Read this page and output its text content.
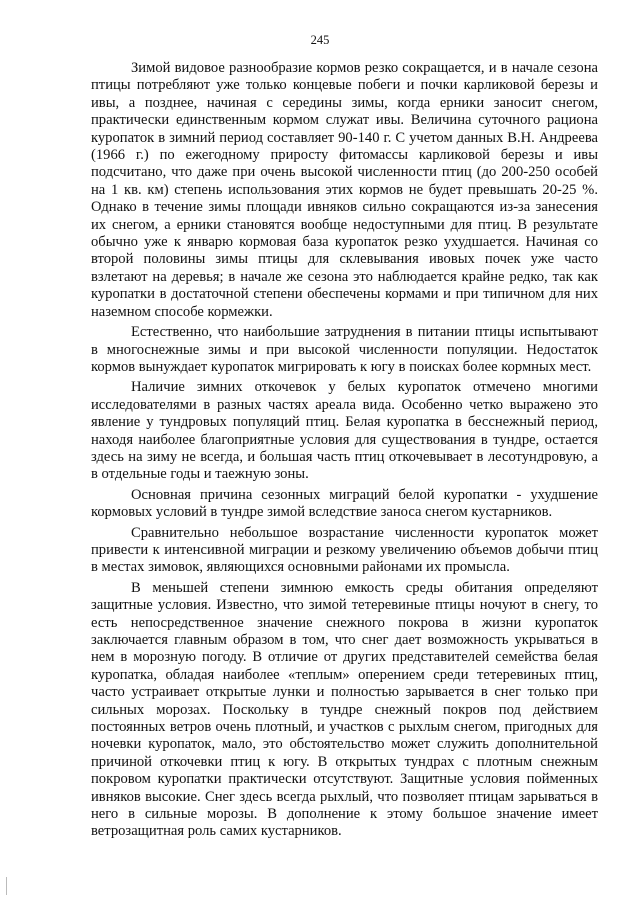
245

Зимой видовое разнообразие кормов резко сокращается, и в начале сезона птицы потребляют уже только концевые побеги и почки карликовой березы и ивы, а позднее, начиная с середины зимы, когда ерники заносит снегом, практически единственным кормом служат ивы. Величина суточного рациона куропаток в зимний период составляет 90-140 г. С учетом данных В.Н. Андреева (1966 г.) по ежегодному приросту фитомассы карликовой березы и ивы подсчитано, что даже при очень высокой численности птиц (до 200-250 особей на 1 кв. км) степень использования этих кормов не будет превышать 20-25 %. Однако в течение зимы площади ивняков сильно сокращаются из-за занесения их снегом, а ерники становятся вообще недоступными для птиц. В результате обычно уже к январю кормовая база куропаток резко ухудшается. Начиная со второй половины зимы птицы для склевывания ивовых почек уже часто взлетают на деревья; в начале же сезона это наблюдается крайне редко, так как куропатки в достаточной степени обеспечены кормами и при типичном для них наземном способе кормежки.

Естественно, что наибольшие затруднения в питании птицы испытывают в многоснежные зимы и при высокой численности популяции. Недостаток кормов вынуждает куропаток мигрировать к югу в поисках более кормных мест.

Наличие зимних откочевок у белых куропаток отмечено многими исследователями в разных частях ареала вида. Особенно четко выражено это явление у тундровых популяций птиц. Белая куропатка в бесснежный период, находя наиболее благоприятные условия для существования в тундре, остается здесь на зиму не всегда, и большая часть птиц откочевывает в лесотундровую, а в отдельные годы и таежную зоны.

Основная причина сезонных миграций белой куропатки - ухудшение кормовых условий в тундре зимой вследствие заноса снегом кустарников.

Сравнительно небольшое возрастание численности куропаток может привести к интенсивной миграции и резкому увеличению объемов добычи птиц в местах зимовок, являющихся основными районами их промысла.

В меньшей степени зимнюю емкость среды обитания определяют защитные условия. Известно, что зимой тетеревиные птицы ночуют в снегу, то есть непосредственное значение снежного покрова в жизни куропаток заключается главным образом в том, что снег дает возможность укрываться в нем в морозную погоду. В отличие от других представителей семейства белая куропатка, обладая наиболее «теплым» оперением среди тетеревиных птиц, часто устраивает открытые лунки и полностью зарывается в снег только при сильных морозах. Поскольку в тундре снежный покров под действием постоянных ветров очень плотный, и участков с рыхлым снегом, пригодных для ночевки куропаток, мало, это обстоятельство может служить дополнительной причиной откочевки птиц к югу. В открытых тундрах с плотным снежным покровом куропатки практически отсутствуют. Защитные условия пойменных ивняков высокие. Снег здесь всегда рыхлый, что позволяет птицам зарываться в него в сильные морозы. В дополнение к этому большое значение имеет ветрозащитная роль самих кустарников.
